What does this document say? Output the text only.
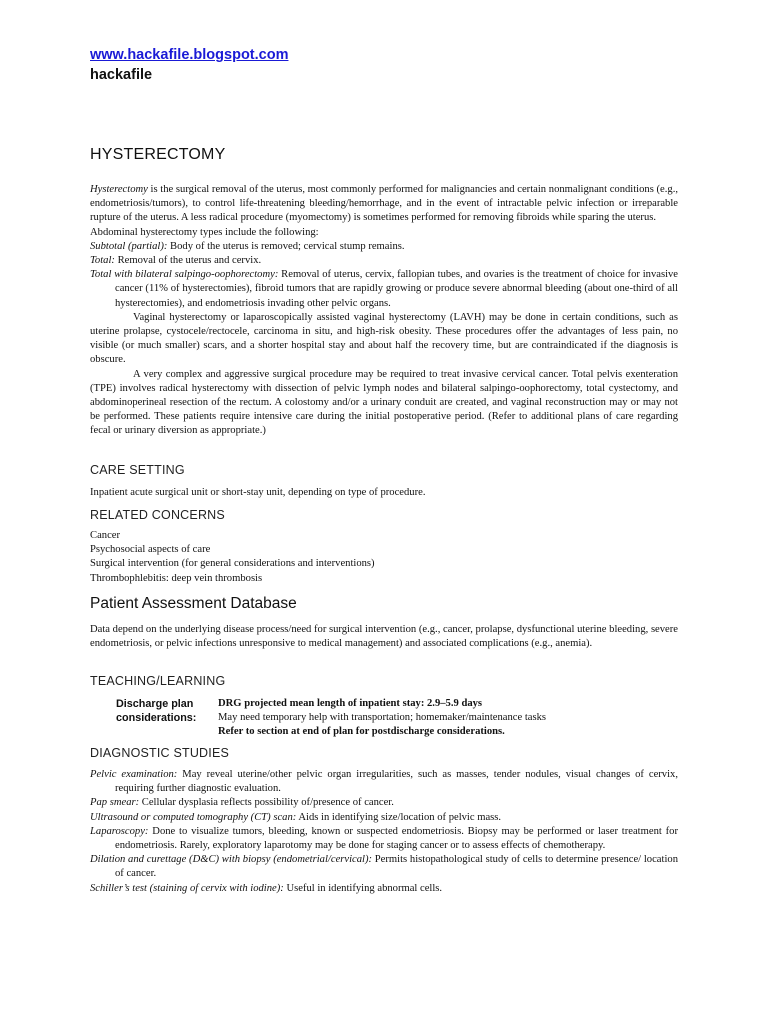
www.hackafile.blogspot.com
hackafile
HYSTERECTOMY

Hysterectomy is the surgical removal of the uterus, most commonly performed for malignancies and certain nonmalignant conditions (e.g., endometriosis/tumors), to control life-threatening bleeding/hemorrhage, and in the event of intractable pelvic infection or irreparable rupture of the uterus. A less radical procedure (myomectomy) is sometimes performed for removing fibroids while sparing the uterus.

Abdominal hysterectomy types include the following:

Subtotal (partial): Body of the uterus is removed; cervical stump remains.

Total: Removal of the uterus and cervix.

Total with bilateral salpingo-oophorectomy: Removal of uterus, cervix, fallopian tubes, and ovaries is the treatment of choice for invasive cancer (11% of hysterectomies), fibroid tumors that are rapidly growing or produce severe abnormal bleeding (about one-third of all hysterectomies), and endometriosis invading other pelvic organs.

Vaginal hysterectomy or laparoscopically assisted vaginal hysterectomy (LAVH) may be done in certain conditions, such as uterine prolapse, cystocele/rectocele, carcinoma in situ, and high-risk obesity. These procedures offer the advantages of less pain, no visible (or much smaller) scars, and a shorter hospital stay and about half the recovery time, but are contraindicated if the diagnosis is obscure.

A very complex and aggressive surgical procedure may be required to treat invasive cervical cancer. Total pelvis exenteration (TPE) involves radical hysterectomy with dissection of pelvic lymph nodes and bilateral salpingo-oophorectomy, total cystectomy, and abdominoperineal resection of the rectum. A colostomy and/or a urinary conduit are created, and vaginal reconstruction may or may not be performed. These patients require intensive care during the initial postoperative period. (Refer to additional plans of care regarding fecal or urinary diversion as appropriate.)

CARE SETTING
Inpatient acute surgical unit or short-stay unit, depending on type of procedure.
RELATED CONCERNS

Cancer

Psychosocial aspects of care

Surgical intervention (for general considerations and interventions)

Thrombophlebitis: deep vein thrombosis

Patient Assessment Database
Data depend on the underlying disease process/need for surgical intervention (e.g., cancer, prolapse, dysfunctional uterine bleeding, severe endometriosis, or pelvic infections unresponsive to medical management) and associated complications (e.g., anemia).
TEACHING/LEARNING
Discharge plan
considerations:
DRG projected mean length of inpatient stay: 2.9–5.9 days
May need temporary help with transportation; homemaker/maintenance tasks
Refer to section at end of plan for postdischarge considerations.
DIAGNOSTIC STUDIES

Pelvic examination: May reveal uterine/other pelvic organ irregularities, such as masses, tender nodules, visual changes of cervix, requiring further diagnostic evaluation.

Pap smear: Cellular dysplasia reflects possibility of/presence of cancer.

Ultrasound or computed tomography (CT) scan: Aids in identifying size/location of pelvic mass.

Laparoscopy: Done to visualize tumors, bleeding, known or suspected endometriosis. Biopsy may be performed or laser treatment for endometriosis. Rarely, exploratory laparotomy may be done for staging cancer or to assess effects of chemotherapy.

Dilation and curettage (D&C) with biopsy (endometrial/cervical): Permits histopathological study of cells to determine presence/ location of cancer.

Schiller’s test (staining of cervix with iodine): Useful in identifying abnormal cells.
